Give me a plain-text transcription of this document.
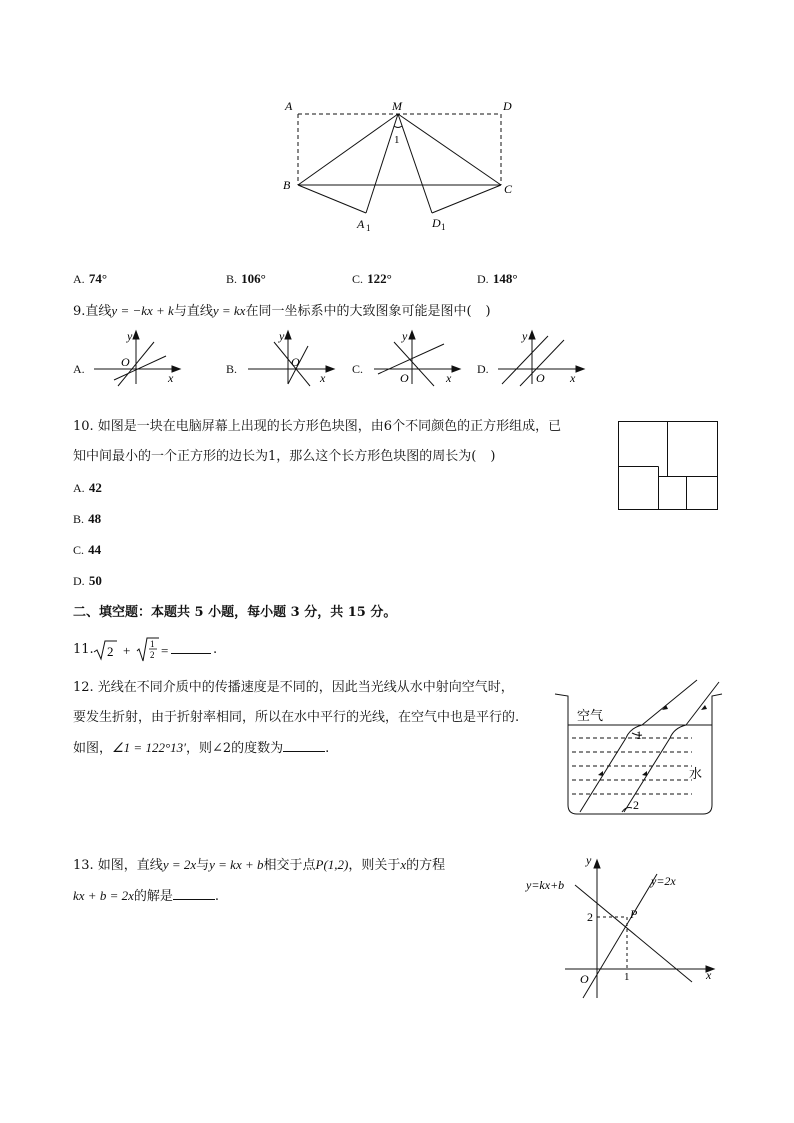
A	M	D
B	C
A	D
1	1
1
A. 74°	B. 106°	C. 122°	D. 148°
9.直线y = −kx + k与直线y = kx在同一坐标系中的大致图象可能是图中( )
A.
y
O
x
B.
y
O
x
C.
y
O	x
D.
y
O x
10. 如图是一块在电脑屏幕上出现的长方形色块图，由6个不同颜色的正方形组成，已
知中间最小的一个正方形的边长为1，那么这个长方形色块图的周长为( )
A. 42
B. 48
C. 44
D. 50
二、填空题：本题共 5 小题，每小题 3 分，共 15 分。
11. 2 + 1
2 =	.
12. 光线在不同介质中的传播速度是不同的，因此当光线从水中射向空气时，
要发生折射，由于折射率相同，所以在水中平行的光线，在空气中也是平行的.
如图，∠1 = 122°13′，则∠2的度数为	.
空气
水
1
2
13. 如图，直线y = 2x与y = kx + b相交于点P(1,2)，则关于x的方程
kx + b = 2x的解是	.
y
x
O
y=kx+b	y=2x
P
2
1
